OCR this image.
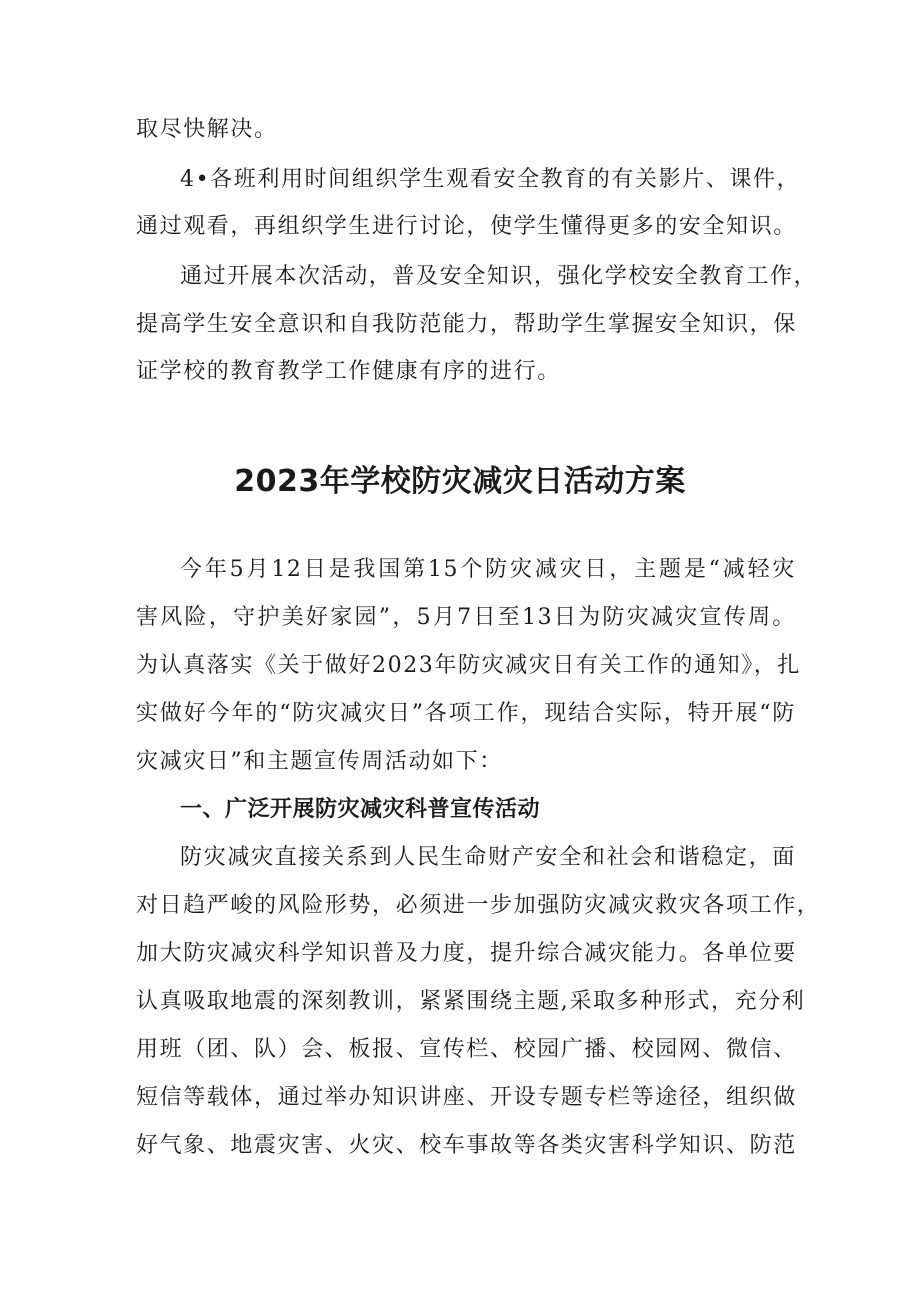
取尽快解决。
4•各班利用时间组织学生观看安全教育的有关影片、课件，
通过观看，再组织学生进行讨论，使学生懂得更多的安全知识。
通过开展本次活动，普及安全知识，强化学校安全教育工作，
提高学生安全意识和自我防范能力，帮助学生掌握安全知识，保
证学校的教育教学工作健康有序的进行。
2023年学校防灾减灾日活动方案
今年5月12日是我国第15个防灾减灾日，主题是“减轻灾
害风险，守护美好家园”，5月7日至13日为防灾减灾宣传周。
为认真落实《关于做好2023年防灾减灾日有关工作的通知》，扎
实做好今年的“防灾减灾日”各项工作，现结合实际，特开展“防
灾减灾日”和主题宣传周活动如下：
一、广泛开展防灾减灾科普宣传活动
防灾减灾直接关系到人民生命财产安全和社会和谐稳定，面
对日趋严峻的风险形势，必须进一步加强防灾减灾救灾各项工作，
加大防灾减灾科学知识普及力度，提升综合减灾能力。各单位要
认真吸取地震的深刻教训，紧紧围绕主题,采取多种形式，充分利
用班（团、队）会、板报、宣传栏、校园广播、校园网、微信、
短信等载体，通过举办知识讲座、开设专题专栏等途径，组织做
好气象、地震灾害、火灾、校车事故等各类灾害科学知识、防范
